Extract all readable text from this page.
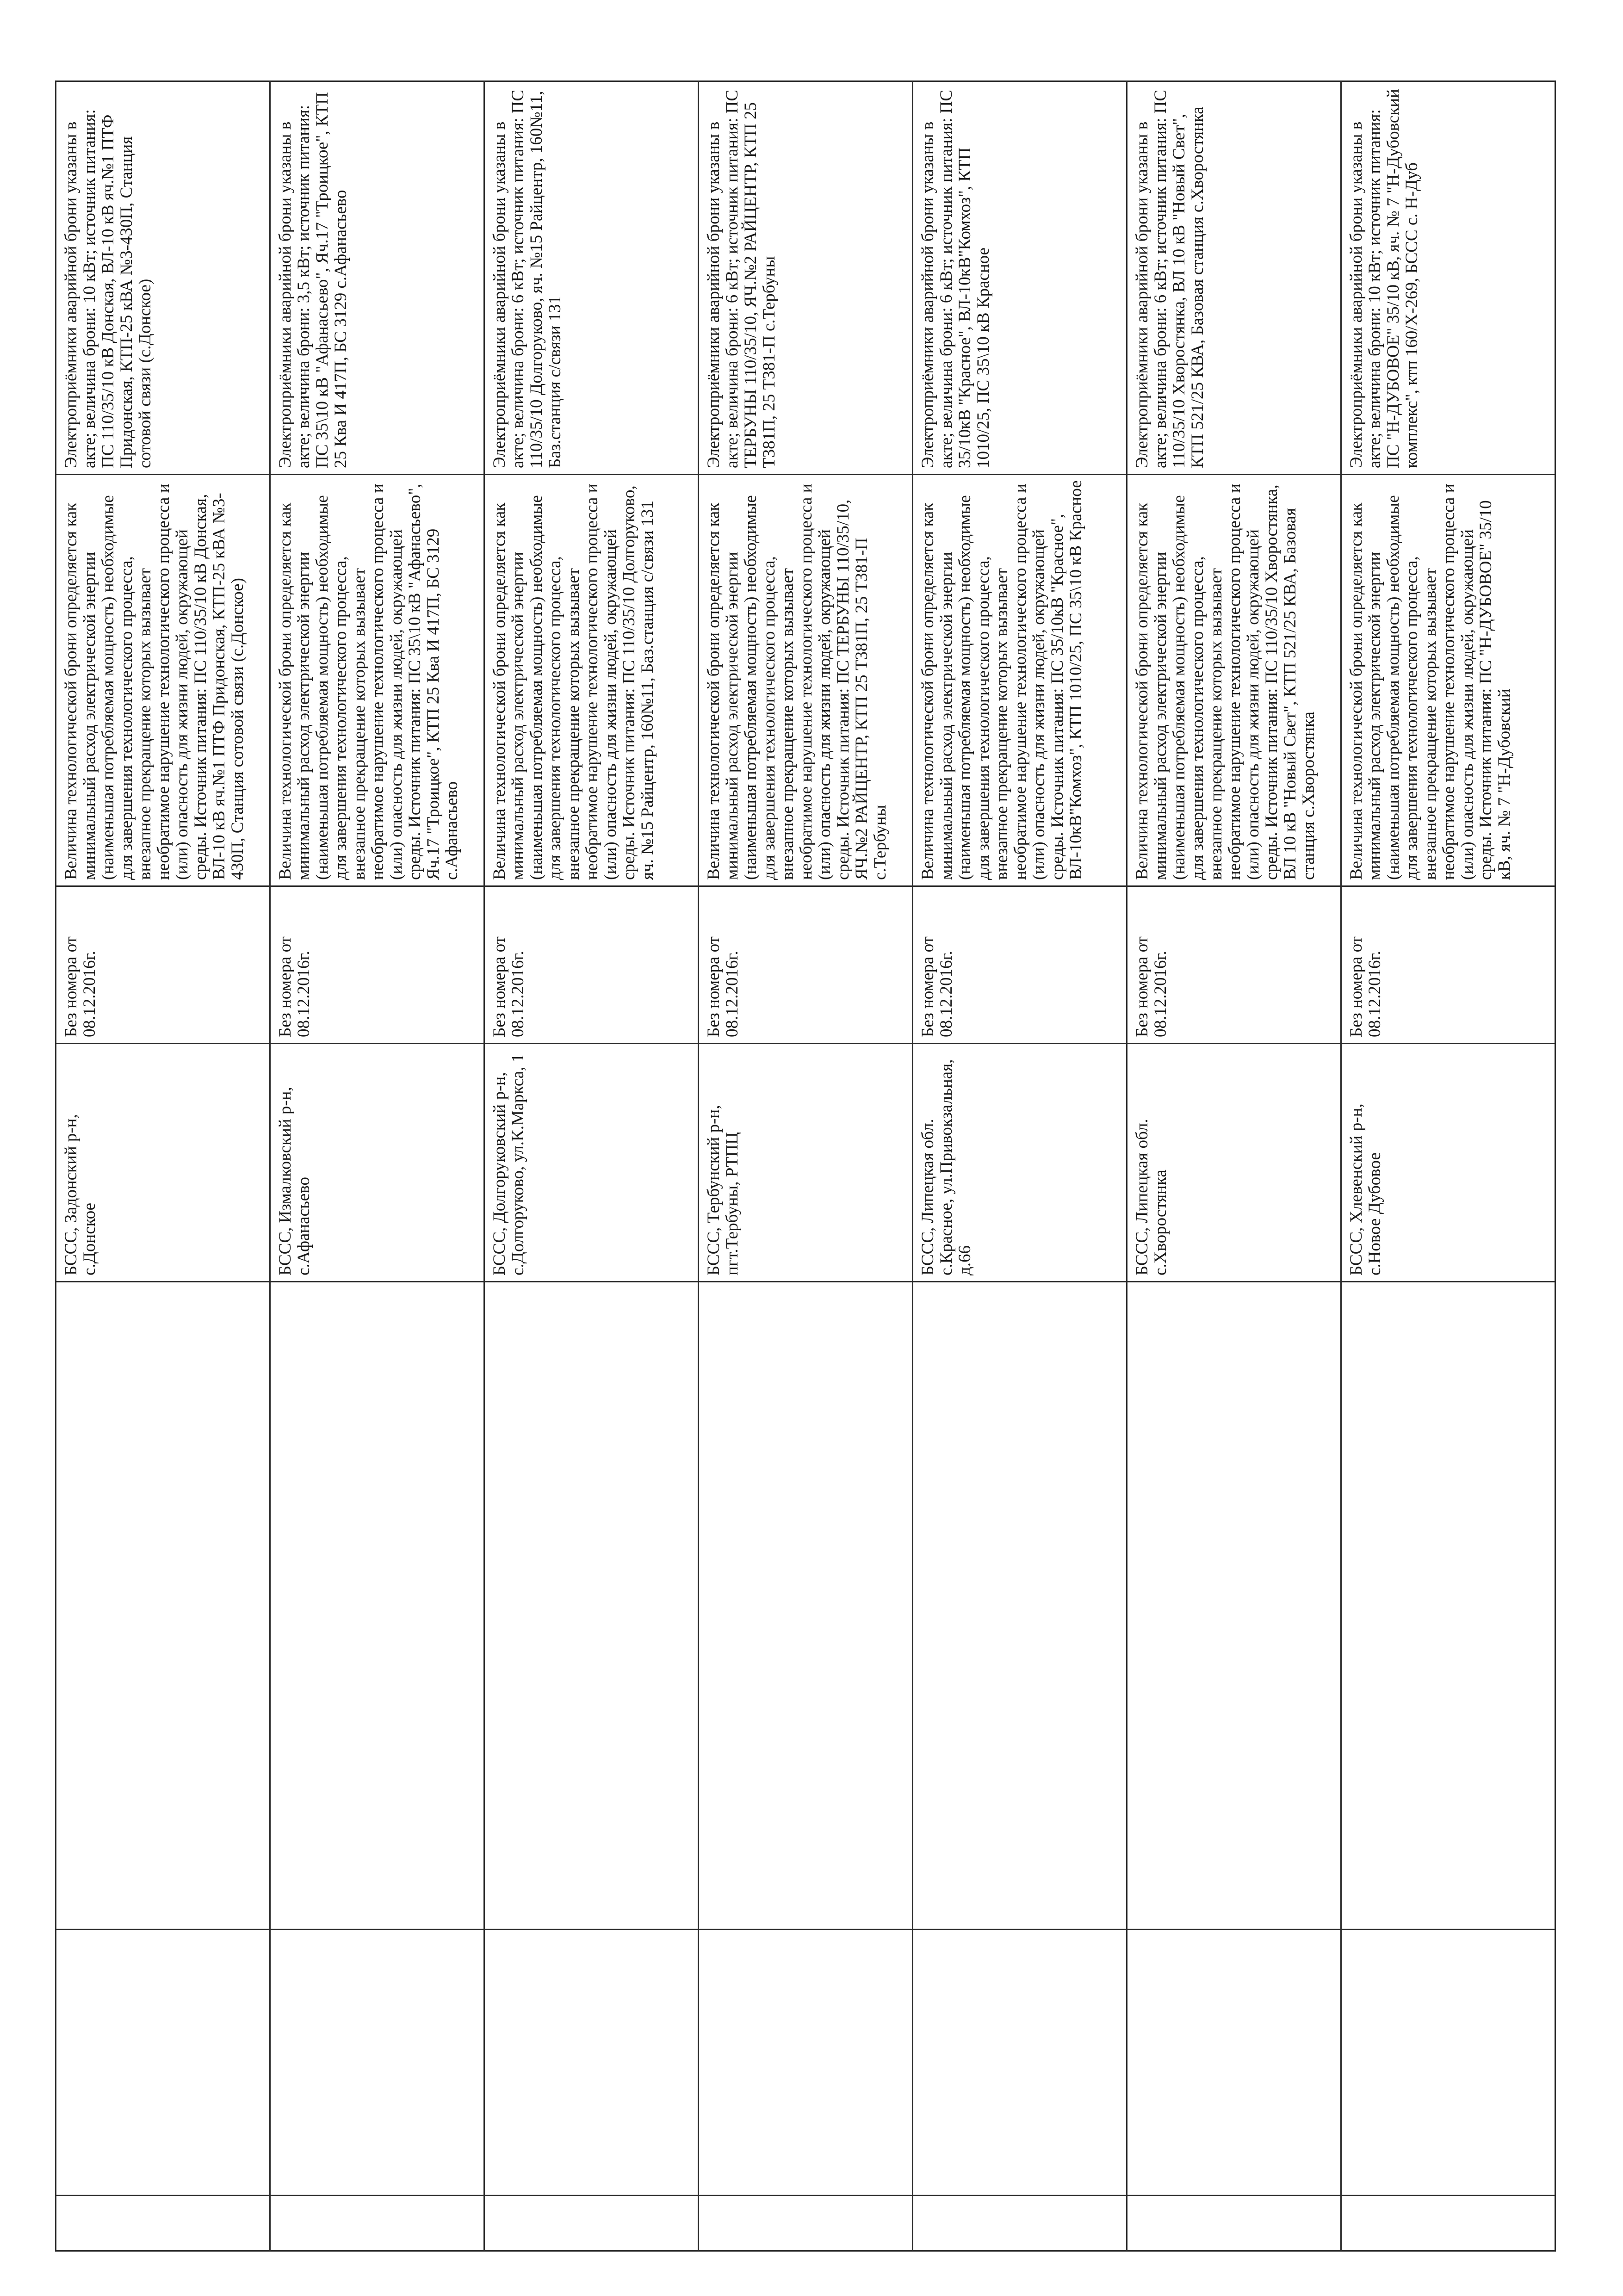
			БССС, Задонский р-н, с.Донское	Без номера от 08.12.2016г.	Величина технологической брони определяется как минимальный расход электрической энергии (наименьшая потребляемая мощность) необходимые для завершения технологического процесса, внезапное прекращение которых вызывает необратимое нарушение технологического процесса и (или) опасность для жизни людей, окружающей среды. Источник питания: ПС 110/35/10 кВ Донская, ВЛ-10 кВ яч.№1 ПТФ Придонская, КТП-25 кВА №3-430П, Станция сотовой связи (с.Донское)	Электроприёмники аварийной брони указаны в акте; величина брони: 10 кВт; источник питания: ПС 110/35/10 кВ Донская, ВЛ-10 кВ яч.№1 ПТФ Придонская, КТП-25 кВА №3-430П, Станция сотовой связи (с.Донское)
			БССС, Измалковский р-н, с.Афанасьево	Без номера от 08.12.2016г.	Величина технологической брони определяется как минимальный расход электрической энергии (наименьшая потребляемая мощность) необходимые для завершения технологического процесса, внезапное прекращение которых вызывает необратимое нарушение технологического процесса и (или) опасность для жизни людей, окружающей среды. Источник питания: ПС 35\10 кВ "Афанасьево", Яч.17 "Троицкое", КТП 25 Ква И 417П, БС 3129 с.Афанасьево	Электроприёмники аварийной брони указаны в акте; величина брони: 3,5 кВт; источник питания: ПС 35\10 кВ "Афанасьево", Яч.17 "Троицкое", КТП 25 Ква И 417П, БС 3129 с.Афанасьево
			БССС, Долгоруковский р-н, с.Долгоруково, ул.К.Маркса, 1	Без номера от 08.12.2016г.	Величина технологической брони определяется как минимальный расход электрической энергии (наименьшая потребляемая мощность) необходимые для завершения технологического процесса, внезапное прекращение которых вызывает необратимое нарушение технологического процесса и (или) опасность для жизни людей, окружающей среды. Источник питания: ПС 110/35/10 Долгоруково, яч. №15 Райцентр, 160№11, Баз.станция с/связи 131	Электроприёмники аварийной брони указаны в акте; величина брони: 6 кВт; источник питания: ПС 110/35/10 Долгоруково, яч. №15 Райцентр, 160№11, Баз.станция с/связи 131
			БССС, Тербунский р-н, пгт.Тербуны, РТПЦ	Без номера от 08.12.2016г.	Величина технологической брони определяется как минимальный расход электрической энергии (наименьшая потребляемая мощность) необходимые для завершения технологического процесса, внезапное прекращение которых вызывает необратимое нарушение технологического процесса и (или) опасность для жизни людей, окружающей среды. Источник питания: ПС ТЕРБУНЫ 110/35/10, ЯЧ.№2 РАЙЦЕНТР, КТП 25 Т381П, 25 Т381-П с.Тербуны	Электроприёмники аварийной брони указаны в акте; величина брони: 6 кВт; источник питания: ПС ТЕРБУНЫ 110/35/10, ЯЧ.№2 РАЙЦЕНТР, КТП 25 Т381П, 25 Т381-П с.Тербуны
			БССС, Липецкая обл. с.Красное, ул.Привокзальная, д.66	Без номера от 08.12.2016г.	Величина технологической брони определяется как минимальный расход электрической энергии (наименьшая потребляемая мощность) необходимые для завершения технологического процесса, внезапное прекращение которых вызывает необратимое нарушение технологического процесса и (или) опасность для жизни людей, окружающей среды. Источник питания: ПС 35/10кВ "Красное", ВЛ-10кВ"Комхоз", КТП 1010/25, ПС 35\10 кВ Красное	Электроприёмники аварийной брони указаны в акте; величина брони: 6 кВт; источник питания: ПС 35/10кВ "Красное", ВЛ-10кВ"Комхоз", КТП 1010/25, ПС 35\10 кВ Красное
			БССС, Липецкая обл. с.Хворостянка	Без номера от 08.12.2016г.	Величина технологической брони определяется как минимальный расход электрической энергии (наименьшая потребляемая мощность) необходимые для завершения технологического процесса, внезапное прекращение которых вызывает необратимое нарушение технологического процесса и (или) опасность для жизни людей, окружающей среды. Источник питания: ПС 110/35/10 Хворостянка, ВЛ 10 кВ "Новый Свет", КТП 521/25 КВА, Базовая станция с.Хворостянка	Электроприёмники аварийной брони указаны в акте; величина брони: 6 кВт; источник питания: ПС 110/35/10 Хворостянка, ВЛ 10 кВ "Новый Свет", КТП 521/25 КВА, Базовая станция с.Хворостянка
			БССС, Хлевенский р-н, с.Новое Дубовое	Без номера от 08.12.2016г.	Величина технологической брони определяется как минимальный расход электрической энергии (наименьшая потребляемая мощность) необходимые для завершения технологического процесса, внезапное прекращение которых вызывает необратимое нарушение технологического процесса и (или) опасность для жизни людей, окружающей среды. Источник питания: ПС "Н-ДУБОВОЕ" 35/10 кВ, яч. № 7 "Н-Дубовский	Электроприёмники аварийной брони указаны в акте; величина брони: 10 кВт; источник питания: ПС "Н-ДУБОВОЕ" 35/10 кВ, яч. № 7 "Н-Дубовский комплекс", ктп 160/Х-269, БССС с. Н-Дуб
